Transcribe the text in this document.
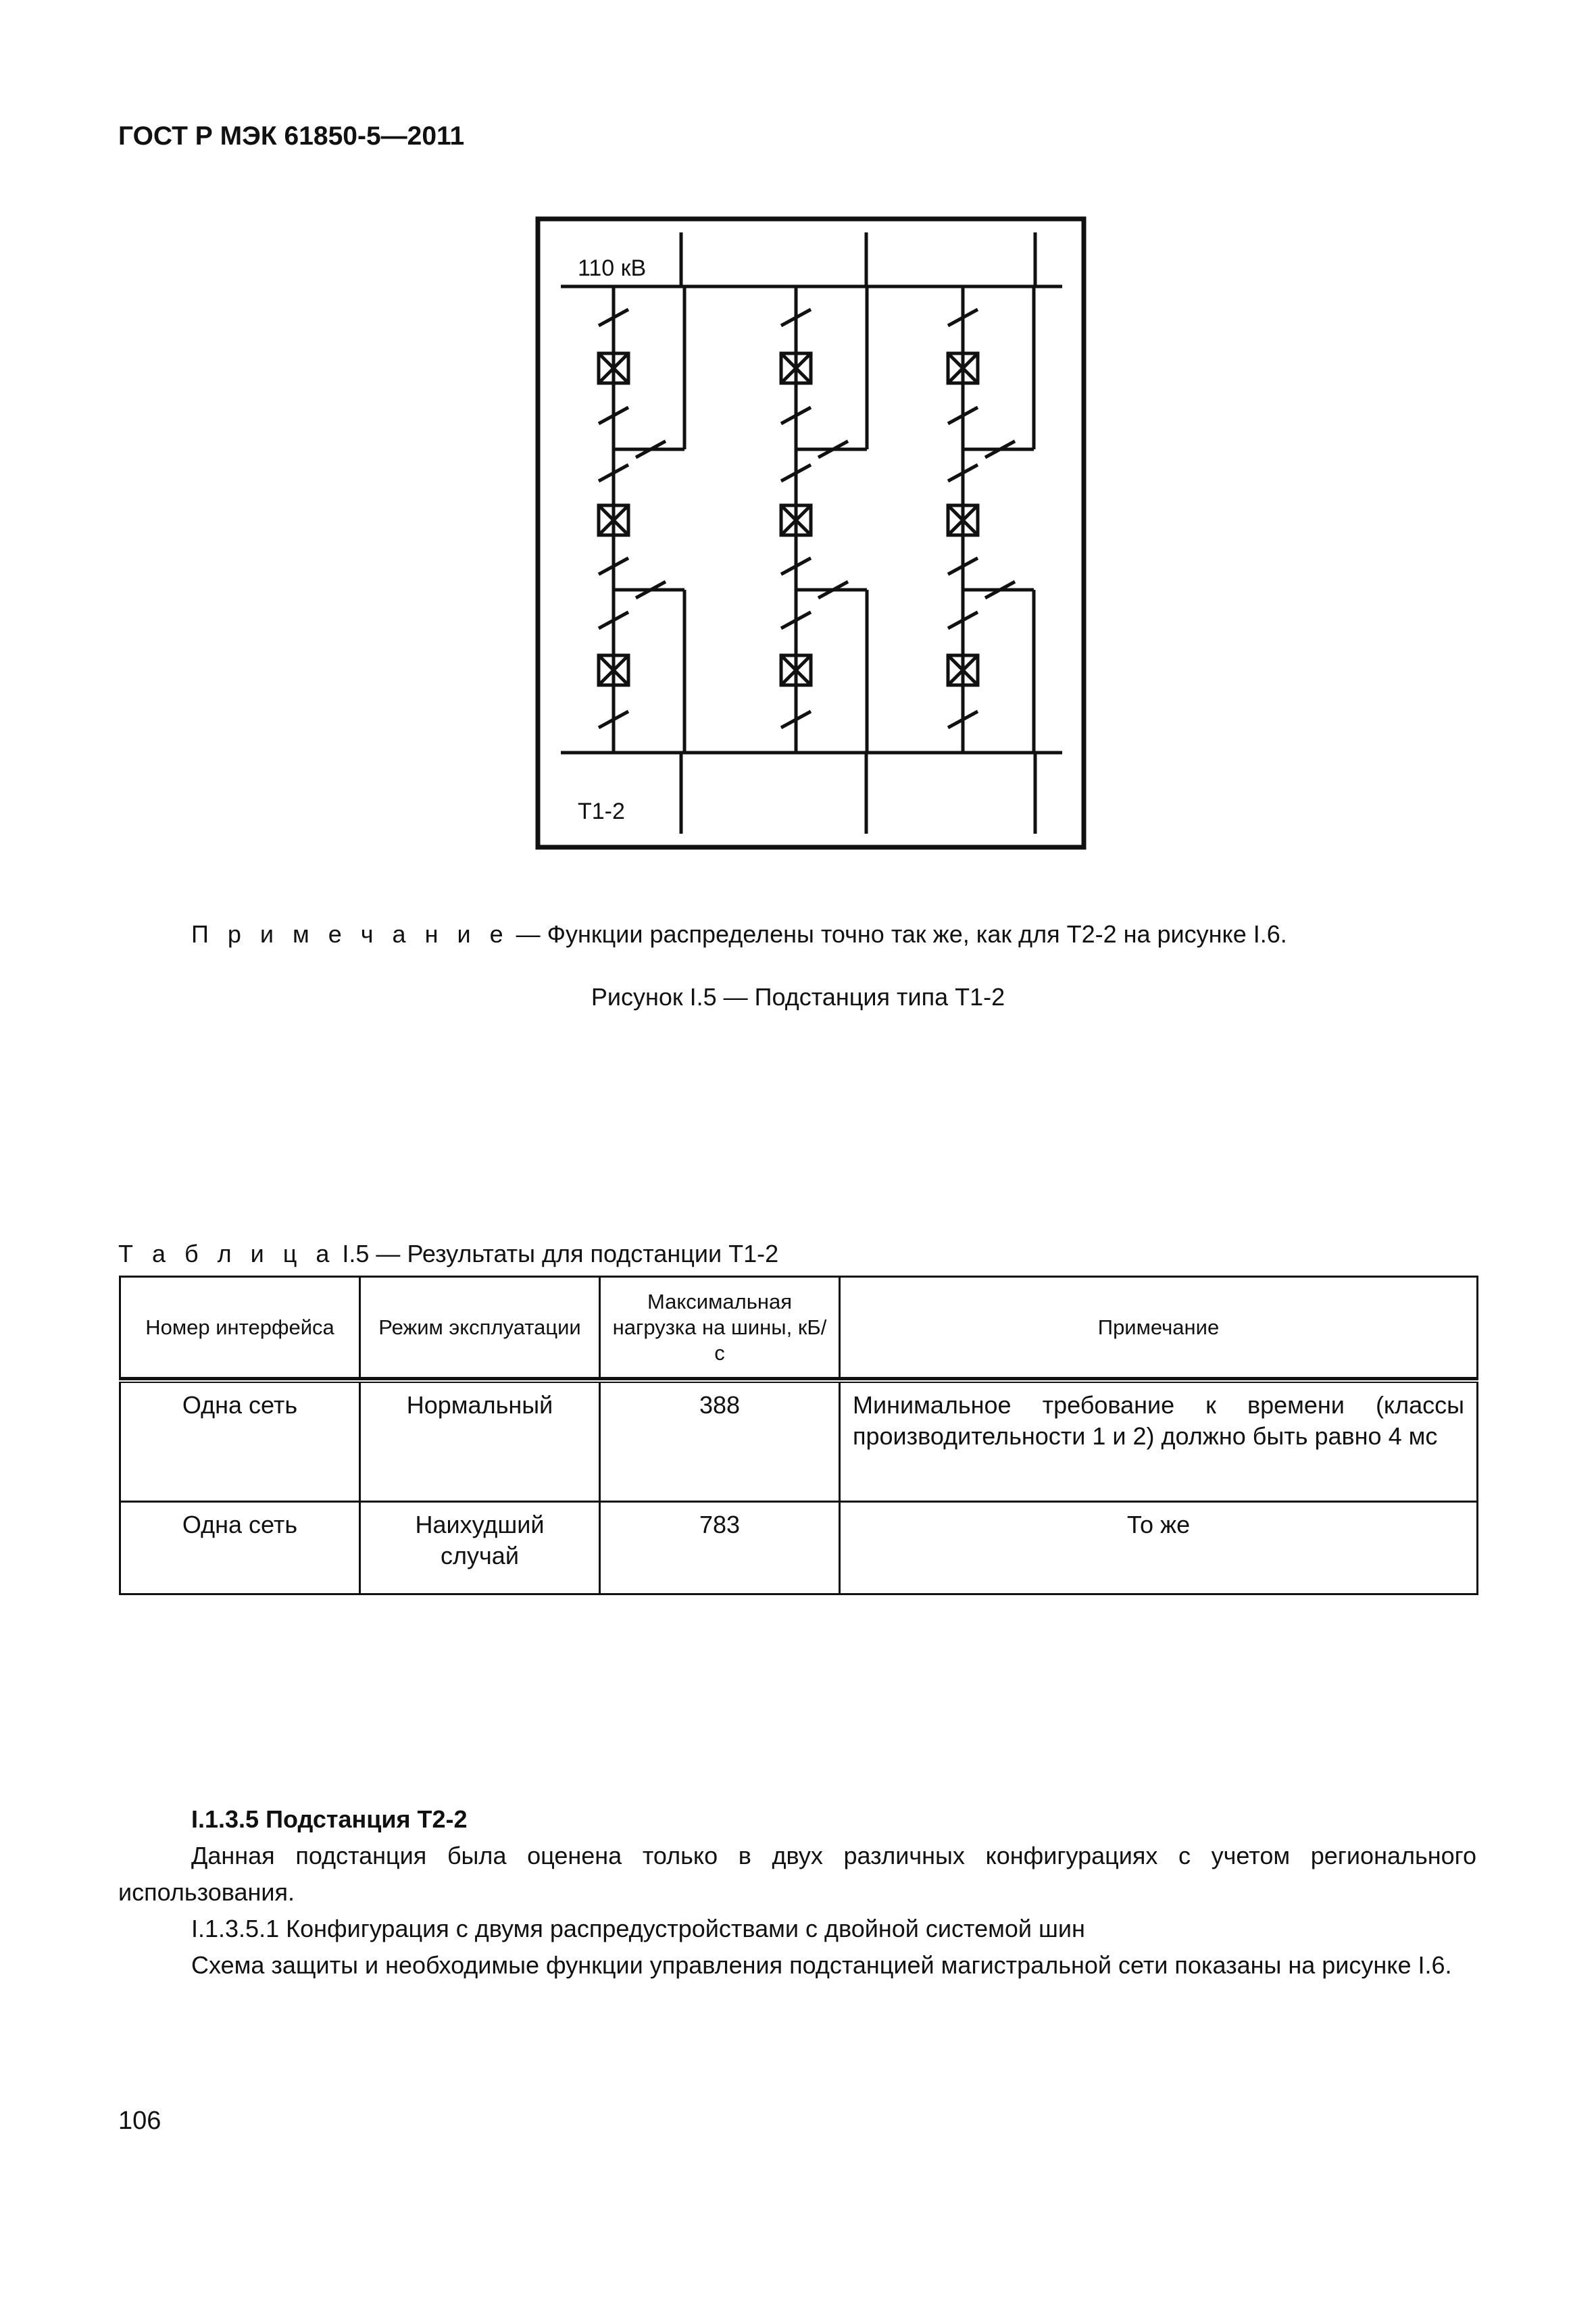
ГОСТ Р МЭК 61850-5—2011
110 кВ
Т1-2
П р и м е ч а н и е — Функции распределены точно так же, как для Т2-2 на рисунке I.6.
Рисунок I.5 — Подстанция типа Т1-2
Т а б л и ц а I.5 — Результаты для подстанции Т1-2
Номер интерфейса	Режим эксплуатации	Максимальная нагрузка на шины, кБ/с	Примечание

Одна сеть	Нормальный	388	Минимальное требование к времени (классы производительности 1 и 2) должно быть равно 4 мс
Одна сеть	Наихудший случай	783	То же
I.1.3.5 Подстанция Т2-2
Данная подстанция была оценена только в двух различных конфигурациях с учетом регионального использования.
I.1.3.5.1 Конфигурация с двумя распредустройствами с двойной системой шин
Схема защиты и необходимые функции управления подстанцией магистральной сети показаны на рисунке I.6.
106
